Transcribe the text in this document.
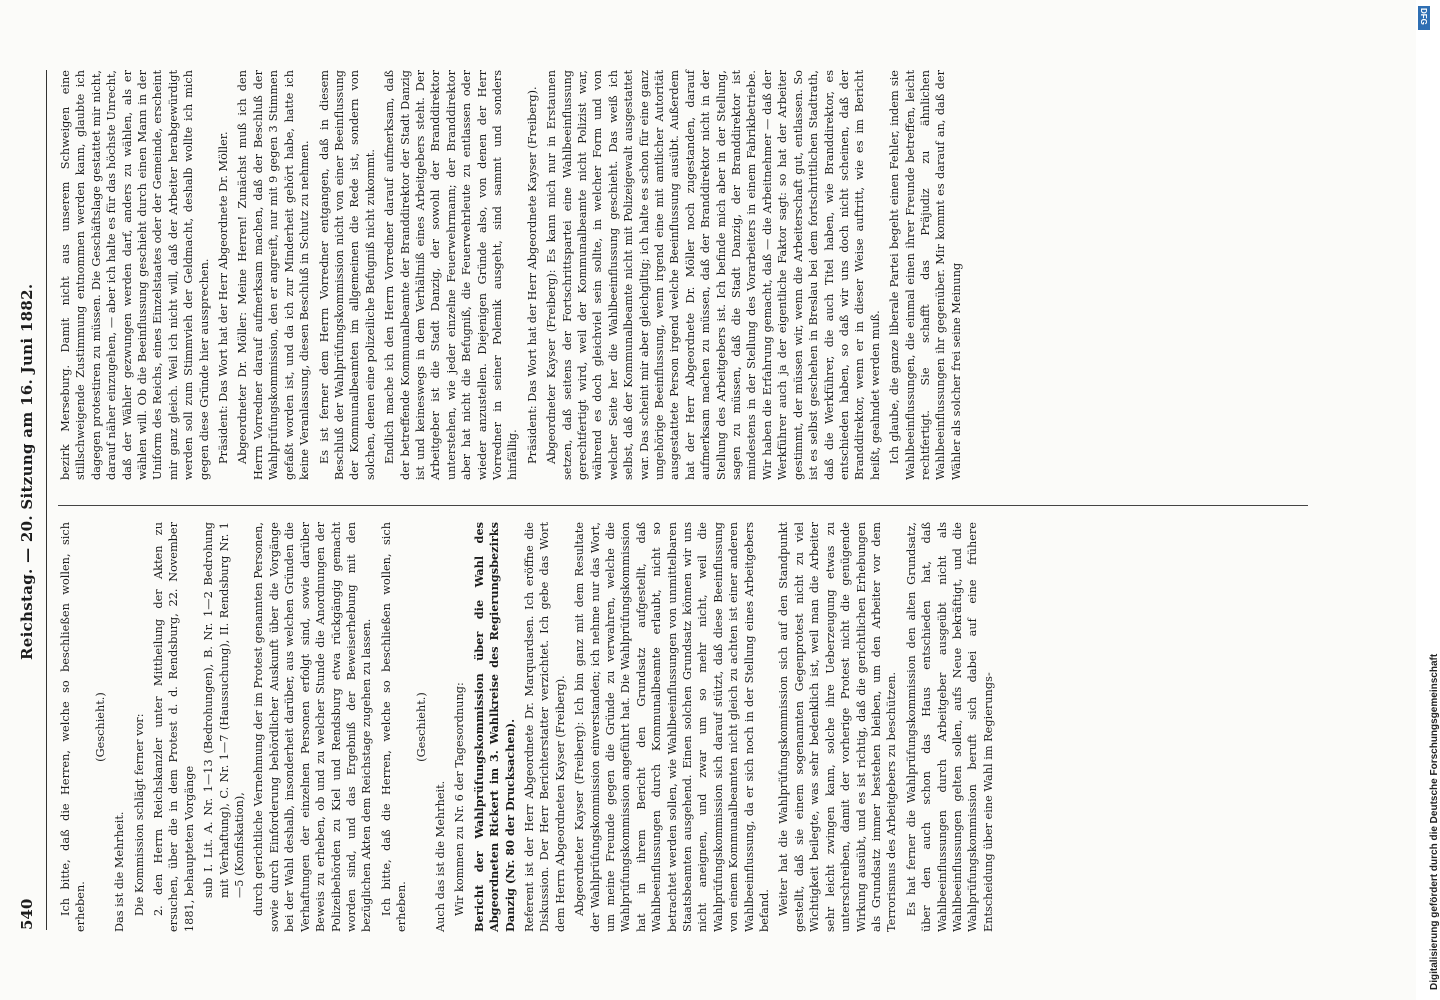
540
Reichstag. — 20. Sitzung am 16. Juni 1882.

Ich bitte, daß die Herren, welche so beschließen wollen, sich erheben.

(Geschieht.)

Das ist die Mehrheit. Die Kommission schlägt ferner vor: 2. den Herrn Reichskanzler unter Mittheilung der Akten zu ersuchen, über die in dem Protest d. d. Rendsburg, 22. November 1881, behaupteten Vorgänge sub I. Lit. A. Nr. 1—13 (Bedrohungen), B. Nr. 1—2 Bedrohung mit Verhaftung), C. Nr. 1—7 (Haussuchung), II. Rendsburg Nr. 1—5 (Konfiskation), durch gerichtliche Vernehmung der im Protest genannten Personen, sowie durch Einforderung behördlicher Auskunft über die Vorgänge bei der Wahl deshalb, insonderheit darüber, aus welchen Gründen die Verhaftungen der einzelnen Personen erfolgt sind, sowie darüber Beweis zu erheben, ob und zu welcher Stunde die Anordnungen der Polizeibehörden zu Kiel und Rendsburg etwa rückgängig gemacht worden sind, und das Ergebniß der Beweiserhebung mit den bezüglichen Akten dem Reichstage zugehen zu lassen. Ich bitte, daß die Herren, welche so beschließen wollen, sich erheben.

(Geschieht.)

Auch das ist die Mehrheit. Wir kommen zu Nr. 6 der Tagesordnung: Bericht der Wahlprüfungskommission über die Wahl des Abgeordneten Rickert im 3. Wahlkreise des Regierungsbezirks Danzig (Nr. 80 der Drucksachen). Referent ist der Herr Abgeordnete Dr. Marquardsen. Ich eröffne die Diskussion. Der Herr Berichterstatter verzichtet. Ich gebe das Wort dem Herrn Abgeordneten Kayser (Freiberg). Abgeordneter Kayser (Freiberg): Ich bin ganz mit dem Resultate der Wahlprüfungskommission einverstanden; ich nehme nur das Wort, um meine Freunde gegen die Gründe zu verwahren, welche die Wahlprüfungskommission angeführt hat. Die Wahlprüfungskommission hat in ihrem Bericht den Grundsatz aufgestellt, daß Wahlbeeinflussungen durch Kommunalbeamte erlaubt, nicht so betrachtet werden sollen, wie Wahlbeeinflussungen von unmittelbaren Staatsbeamten ausgehend. Einen solchen Grundsatz können wir uns nicht aneignen, und zwar um so mehr nicht, weil die Wahlprüfungskommission sich darauf stützt, daß diese Beeinflussung von einem Kommunalbeamten nicht gleich zu achten ist einer anderen Wahlbeeinflussung, da er sich noch in der Stellung eines Arbeitgebers befand. Weiter hat die Wahlprüfungskommission sich auf den Standpunkt gestellt, daß sie einem sogenannten Gegenprotest nicht zu viel Wichtigkeit beilegte, was sehr bedenklich ist, weil man die Arbeiter sehr leicht zwingen kann, solche ihre Ueberzeugung etwas zu unterschreiben, damit der vorherige Protest nicht die genügende Wirkung ausübt, und es ist richtig, daß die gerichtlichen Erhebungen als Grundsatz immer bestehen bleiben, um den Arbeiter vor dem Terrorismus des Arbeitgebers zu beschützen. Es hat ferner die Wahlprüfungskommission den alten Grundsatz, über den auch schon das Haus entschieden hat, daß Wahlbeeinflussungen durch Arbeitgeber ausgeübt nicht als Wahlbeeinflussungen gelten sollen, aufs Neue bekräftigt, und die Wahlprüfungskommission beruft sich dabei auf eine frühere Entscheidung über eine Wahl im Regierungs-

bezirk Merseburg. Damit nicht aus unserem Schweigen eine stillschweigende Zustimmung entnommen werden kann, glaubte ich dagegen protestiren zu müssen. Die Geschäftslage gestattet mir nicht, darauf näher einzugehen, — aber ich halte es für das höchste Unrecht, daß der Wähler gezwungen werden darf, anders zu wählen, als er wählen will. Ob die Beeinflussung geschieht durch einen Mann in der Uniform des Reichs, eines Einzelstaates oder der Gemeinde, erscheint mir ganz gleich. Weil ich nicht will, daß der Arbeiter herabgewürdigt werden soll zum Stimmvieh der Geldmacht, deshalb wollte ich mich gegen diese Gründe hier aussprechen. Präsident: Das Wort hat der Herr Abgeordnete Dr. Möller. Abgeordneter Dr. Möller: Meine Herren! Zunächst muß ich den Herrn Vorredner darauf aufmerksam machen, daß der Beschluß der Wahlprüfungskommission, den er angreift, nur mit 9 gegen 3 Stimmen gefaßt worden ist, und da ich zur Minderheit gehört habe, hatte ich keine Veranlassung, diesen Beschluß in Schutz zu nehmen. Es ist ferner dem Herrn Vorredner entgangen, daß in diesem Beschluß der Wahlprüfungskommission nicht von einer Beeinflussung der Kommunalbeamten im allgemeinen die Rede ist, sondern von solchen, denen eine polizeiliche Befugniß nicht zukommt. Endlich mache ich den Herrn Vorredner darauf aufmerksam, daß der betreffende Kommunalbeamte der Branddirektor der Stadt Danzig ist und keineswegs in dem Verhältniß eines Arbeitgebers steht. Der Arbeitgeber ist die Stadt Danzig, der sowohl der Branddirektor unterstehen, wie jeder einzelne Feuerwehrmann; der Branddirektor aber hat nicht die Befugniß, die Feuerwehrleute zu entlassen oder wieder anzustellen. Diejenigen Gründe also, von denen der Herr Vorredner in seiner Polemik ausgeht, sind sammt und sonders hinfällig. Präsident: Das Wort hat der Herr Abgeordnete Kayser (Freiberg). Abgeordneter Kayser (Freiberg): Es kann mich nur in Erstaunen setzen, daß seitens der Fortschrittspartei eine Wahlbeeinflussung gerechtfertigt wird, weil der Kommunalbeamte nicht Polizist war, während es doch gleichviel sein sollte, in welcher Form und von welcher Seite her die Wahlbeeinflussung geschieht. Das weiß ich selbst, daß der Kommunalbeamte nicht mit Polizeigewalt ausgestattet war. Das scheint mir aber gleichgiltig; ich halte es schon für eine ganz ungehörige Beeinflussung, wenn irgend eine mit amtlicher Autorität ausgestattete Person irgend welche Beeinflussung ausübt. Außerdem hat der Herr Abgeordnete Dr. Möller noch zugestanden, darauf aufmerksam machen zu müssen, daß der Branddirektor nicht in der Stellung des Arbeitgebers ist. Ich befinde mich aber in der Stellung, sagen zu müssen, daß die Stadt Danzig, der Branddirektor ist mindestens in der Stellung des Vorarbeiters in einem Fabrikbetriebe. Wir haben die Erfahrung gemacht, daß — die Arbeitnehmer — daß der Werkführer auch ja der eigentliche Faktor sagt: so hat der Arbeiter gestimmt, der müssen wir, wenn die Arbeiterschaft gut, entlassen. So ist es selbst geschehen in Breslau bei dem fortschrittlichen Stadtrath, daß die Werkführer, die auch Titel haben, wie Branddirektor, es entschieden haben, so daß wir uns doch nicht scheinen, daß der Branddirektor, wenn er in dieser Weise auftritt, wie es im Bericht heißt, geahndet werden muß. Ich glaube, die ganze liberale Partei begeht einen Fehler, indem sie Wahlbeeinflussungen, die einmal einen ihrer Freunde betreffen, leicht rechtfertigt. Sie schafft das Präjudiz zu ähnlichen Wahlbeeinflussungen ihr gegenüber. Mir kommt es darauf an, daß der Wähler als solcher frei seine Meinung

DFG
Digitalisierung gefördert durch die Deutsche Forschungsgemeinschaft
